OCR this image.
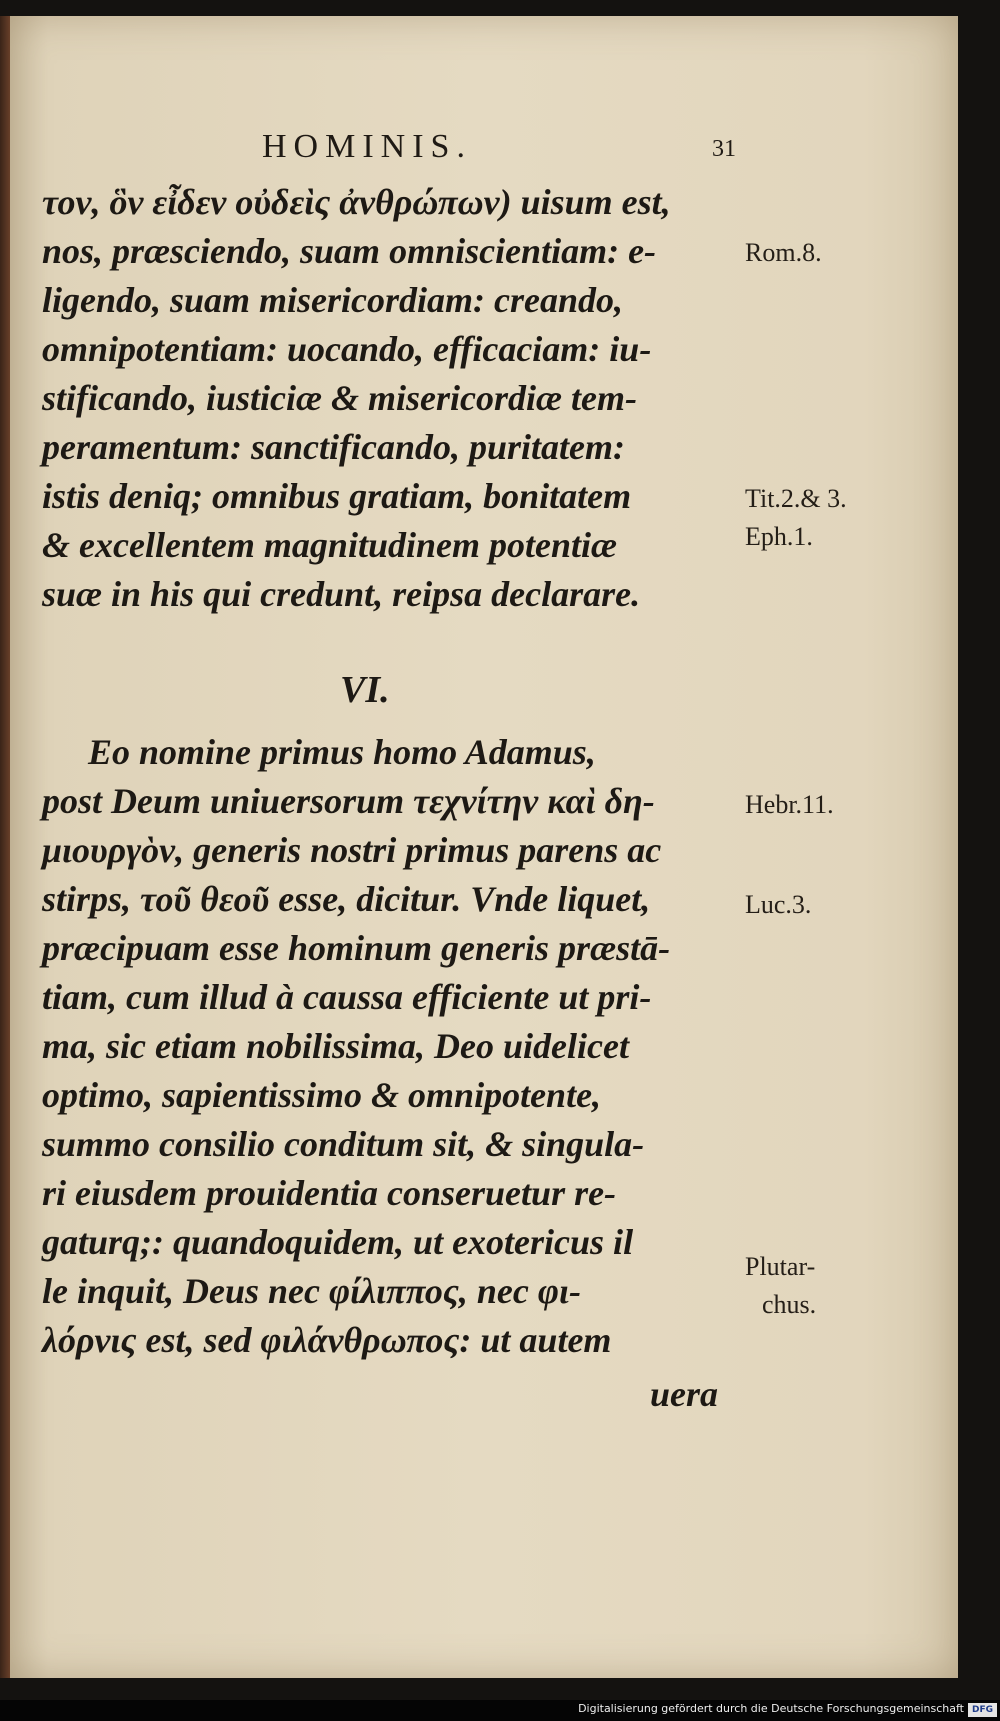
HOMINIS.	31
τον, ὃν εἶδεν οὐδεὶς ἀνθρώπων) uisum est,
nos, præsciendo, suam omniscientiam: e-
ligendo, suam misericordiam: creando,
omnipotentiam: uocando, efficaciam: iu-
stificando, iusticiæ & misericordiæ tem-
peramentum: sanctificando, puritatem:
istis deniq; omnibus gratiam, bonitatem
& excellentem magnitudinem potentiæ
suæ in his qui credunt, reipsa declarare.
VI.
Eo nomine primus homo Adamus,
post Deum uniuersorum τεχνίτην καὶ δη-
μιουργὸν, generis nostri primus parens ac
stirps, τοῦ θεοῦ esse, dicitur. Vnde liquet,
præcipuam esse hominum generis præstā-
tiam, cum illud à caussa efficiente ut pri-
ma, sic etiam nobilissima, Deo uidelicet
optimo, sapientissimo & omnipotente,
summo consilio conditum sit, & singula-
ri eiusdem prouidentia conseruetur re-
gaturq;: quandoquidem, ut exotericus il
le inquit, Deus nec φίλιππος, nec φι-
λόρνις est, sed φιλάνθρωπος: ut autem
uera
Rom.8.
Tit.2.& 3.
Eph.1.
Hebr.11.
Luc.3.
Plutar-
chus.
Digitalisierung gefördert durch die Deutsche Forschungsgemeinschaft DFG
